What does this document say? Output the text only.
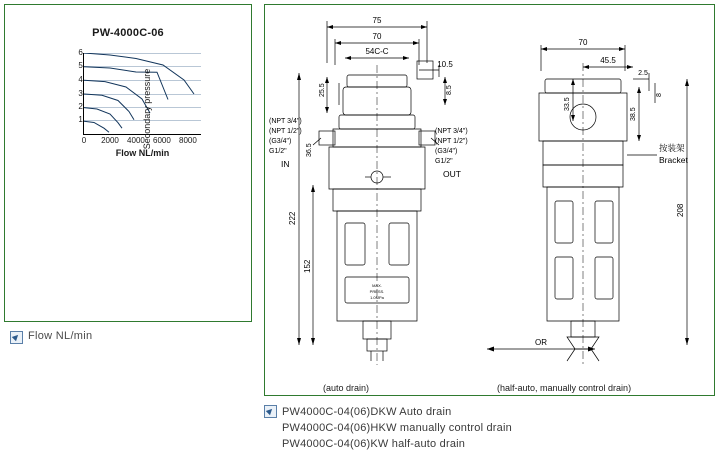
PW-4000C-06
6
5
4
3
2
1
0 2000 4000 6000 8000
Flow NL/min
Secondary pressure
Flow NL/min
75
70
54C-C
10.5
8.5
25.5
36.5
222
152
(NPT 3/4")
(NPT 1/2")
(G3/4")
G1/2"
IN
(NPT 3/4")
(NPT 1/2")
(G3/4")
G1/2"
OUT
MAX.
PRESS.
1.0MPa
(auto drain)
OR
70
45.5
2.5
8
33.5
38.5
208
按装架
Bracket
(half-auto, manually control drain)
PW4000C-04(06)DKW Auto drain
PW4000C-04(06)HKW manually control drain
PW4000C-04(06)KW half-auto drain
